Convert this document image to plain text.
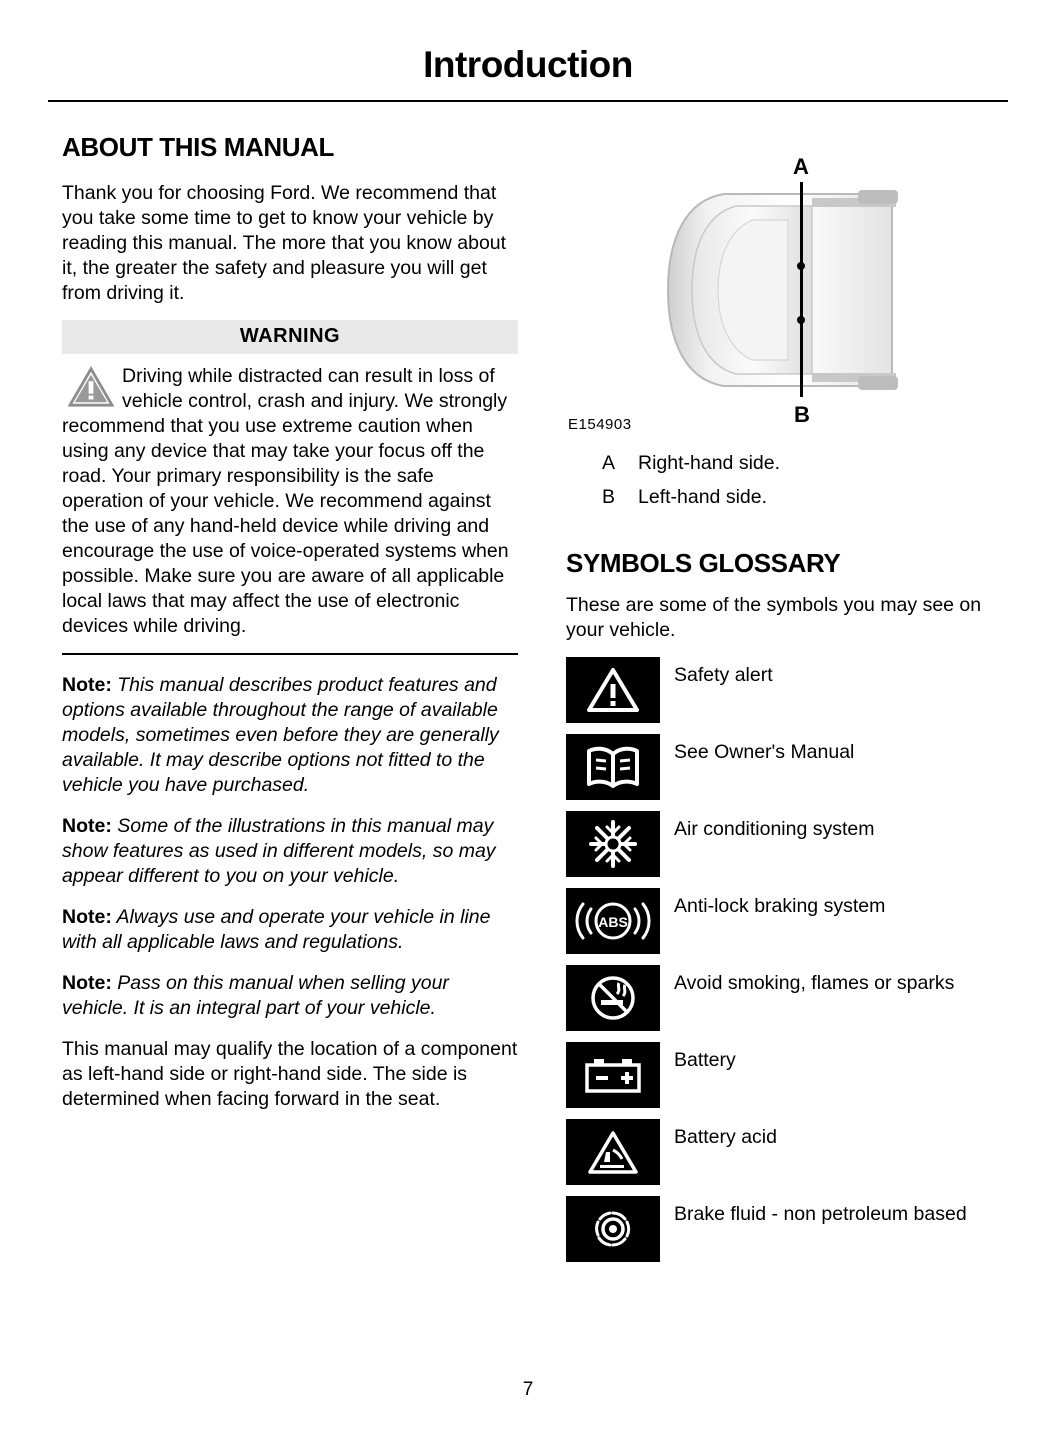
Introduction
ABOUT THIS MANUAL

Thank you for choosing Ford. We recommend that you take some time to get to know your vehicle by reading this manual. The more that you know about it, the greater the safety and pleasure you will get from driving it.

WARNING
Driving while distracted can result in loss of vehicle control, crash and injury. We strongly recommend that you use extreme caution when using any device that may take your focus off the road. Your primary responsibility is the safe operation of your vehicle. We recommend against the use of any hand-held device while driving and encourage the use of voice-operated systems when possible. Make sure you are aware of all applicable local laws that may affect the use of electronic devices while driving.

Note: This manual describes product features and options available throughout the range of available models, sometimes even before they are generally available. It may describe options not fitted to the vehicle you have purchased.

Note: Some of the illustrations in this manual may show features as used in different models, so may appear different to you on your vehicle.

Note: Always use and operate your vehicle in line with all applicable laws and regulations.

Note: Pass on this manual when selling your vehicle. It is an integral part of your vehicle.

This manual may qualify the location of a component as left-hand side or right-hand side. The side is determined when facing forward in the seat.

A
B
E154903
A	Right-hand side.
B	Left-hand side.
SYMBOLS GLOSSARY

These are some of the symbols you may see on your vehicle.

Safety alert
See Owner's Manual
Air conditioning system
ABS
Anti-lock braking system
Avoid smoking, flames or sparks
Battery
Battery acid
Brake fluid - non petroleum based
7
